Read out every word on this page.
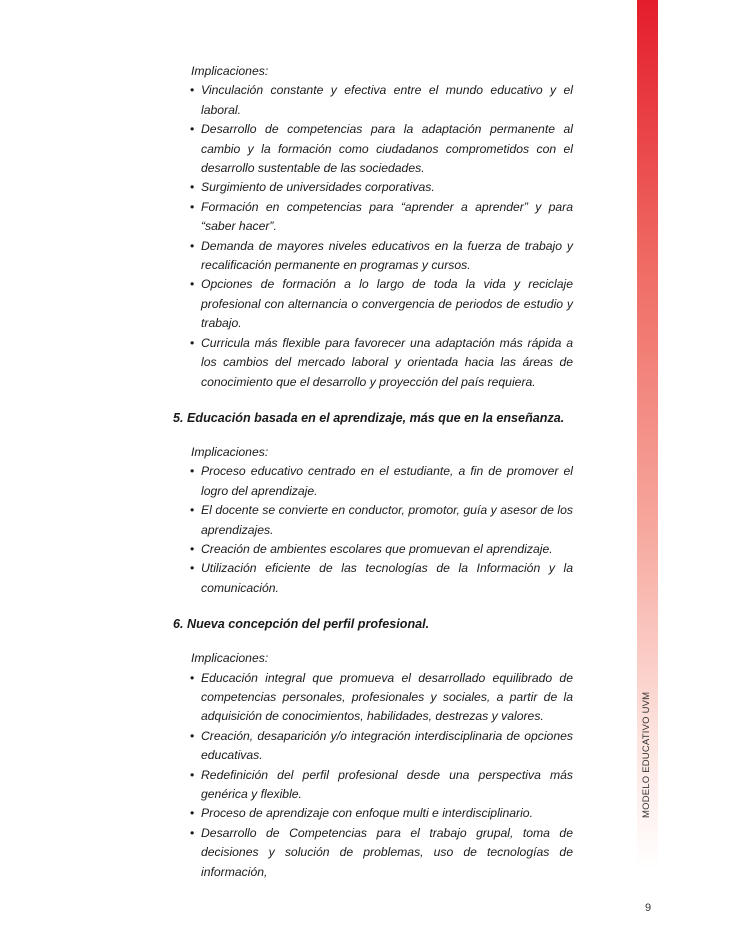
MODELO EDUCATIVO UVM
9

Implicaciones:

• Vinculación constante y efectiva entre el mundo educativo y el laboral.
• Desarrollo de competencias para la adaptación permanente al cambio y la formación como ciudadanos comprometidos con el desarrollo sustentable de las sociedades.
• Surgimiento de universidades corporativas.
• Formación en competencias para “aprender a aprender” y para “saber hacer”.
• Demanda de mayores niveles educativos en la fuerza de trabajo y recalificación permanente en programas y cursos.
• Opciones de formación a lo largo de toda la vida y reciclaje profesional con alternancia o convergencia de periodos de estudio y trabajo.
• Curricula más flexible para favorecer una adaptación más rápida a los cambios del mercado laboral y orientada hacia las áreas de conocimiento que el desarrollo y proyección del país requiera.

5. Educación basada en el aprendizaje, más que en la enseñanza.

Implicaciones:

• Proceso educativo centrado en el estudiante, a fin de promover el logro del aprendizaje.
• El docente se convierte en conductor, promotor, guía y asesor de los aprendizajes.
• Creación de ambientes escolares que promuevan el aprendizaje.
• Utilización eficiente de las tecnologías de la Información y la comunicación.

6. Nueva concepción del perfil profesional.

Implicaciones:

• Educación integral que promueva el desarrollado equilibrado de competencias personales, profesionales y sociales, a partir de la adquisición de conocimientos, habilidades, destrezas y valores.
• Creación, desaparición y/o integración interdisciplinaria de opciones educativas.
• Redefinición del perfil profesional desde una perspectiva más genérica y flexible.
• Proceso de aprendizaje con enfoque multi e interdisciplinario.
• Desarrollo de Competencias para el trabajo grupal, toma de decisiones y solución de problemas, uso de tecnologías de información,
